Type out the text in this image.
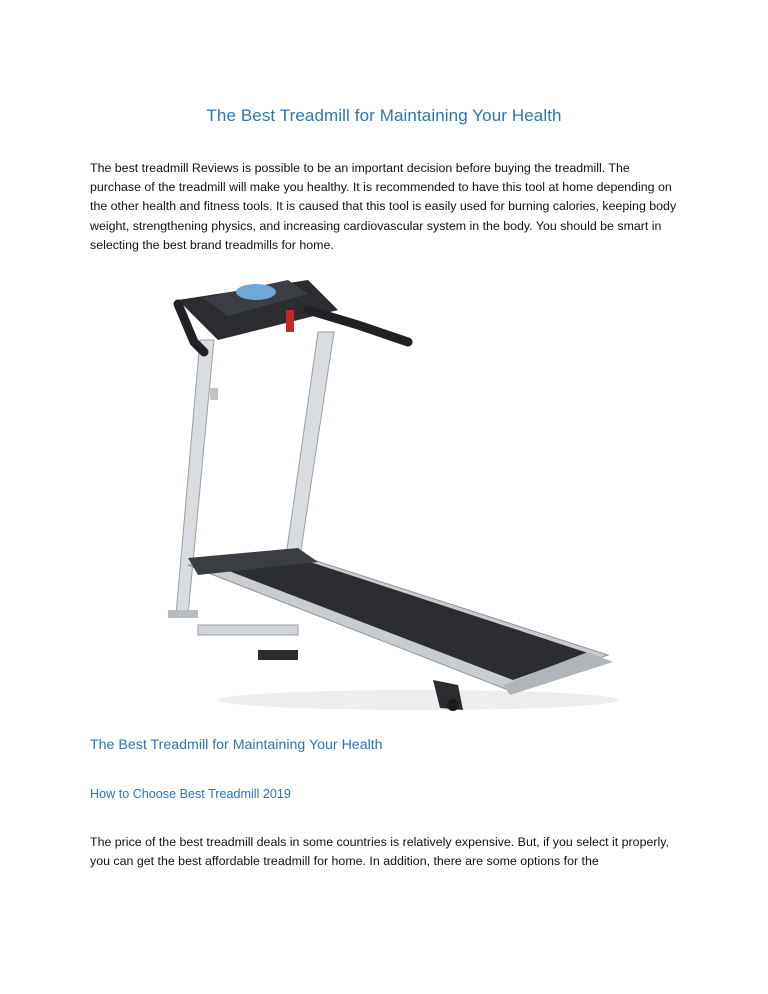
The Best Treadmill for Maintaining Your Health
The best treadmill Reviews is possible to be an important decision before buying the treadmill. The purchase of the treadmill will make you healthy. It is recommended to have this tool at home depending on the other health and fitness tools. It is caused that this tool is easily used for burning calories, keeping body weight, strengthening physics, and increasing cardiovascular system in the body. You should be smart in selecting the best brand treadmills for home.
The Best Treadmill for Maintaining Your Health
How to Choose Best Treadmill 2019
The price of the best treadmill deals in some countries is relatively expensive. But, if you select it properly, you can get the best affordable treadmill for home. In addition, there are some options for the
